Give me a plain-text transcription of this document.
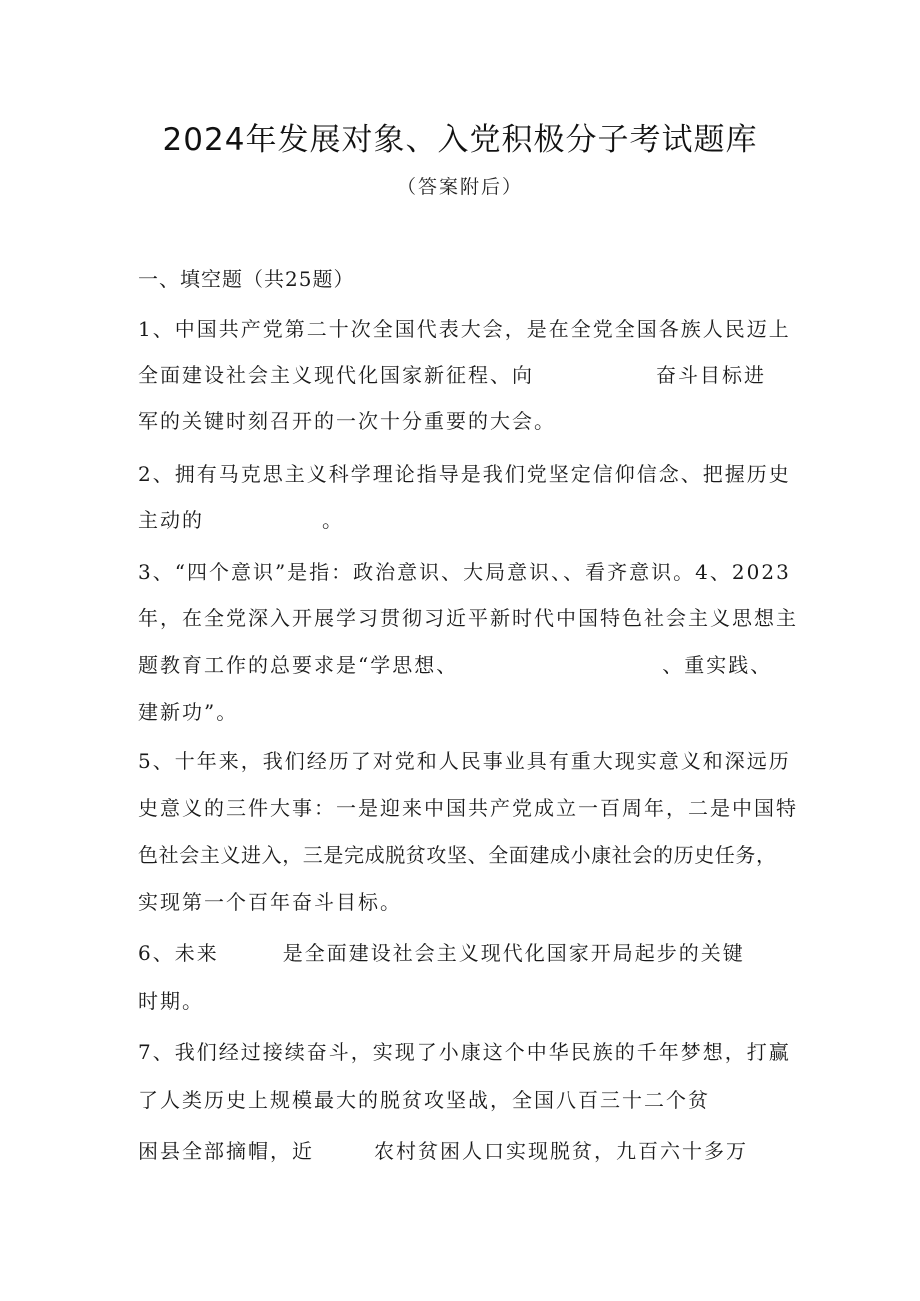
2024年发展对象、入党积极分子考试题库

（答案附后）

一、填空题（共25题）

1、中国共产党第二十次全国代表大会，是在全党全国各族人民迈上

全面建设社会主义现代化国家新征程、向	奋斗目标进

军的关键时刻召开的一次十分重要的大会。

2、拥有马克思主义科学理论指导是我们党坚定信仰信念、把握历史

主动的	。

3、“四个意识”是指：政治意识、大局意识、、看齐意识。4、2023

年，在全党深入开展学习贯彻习近平新时代中国特色社会主义思想主

题教育工作的总要求是“学思想、	、重实践、

建新功”。

5、十年来，我们经历了对党和人民事业具有重大现实意义和深远历

史意义的三件大事：一是迎来中国共产党成立一百周年，二是中国特

色社会主义进入，三是完成脱贫攻坚、全面建成小康社会的历史任务，

实现第一个百年奋斗目标。

6、未来	是全面建设社会主义现代化国家开局起步的关键

时期。

7、我们经过接续奋斗，实现了小康这个中华民族的千年梦想，打赢

了人类历史上规模最大的脱贫攻坚战，全国八百三十二个贫

困县全部摘帽，近	农村贫困人口实现脱贫，九百六十多万
